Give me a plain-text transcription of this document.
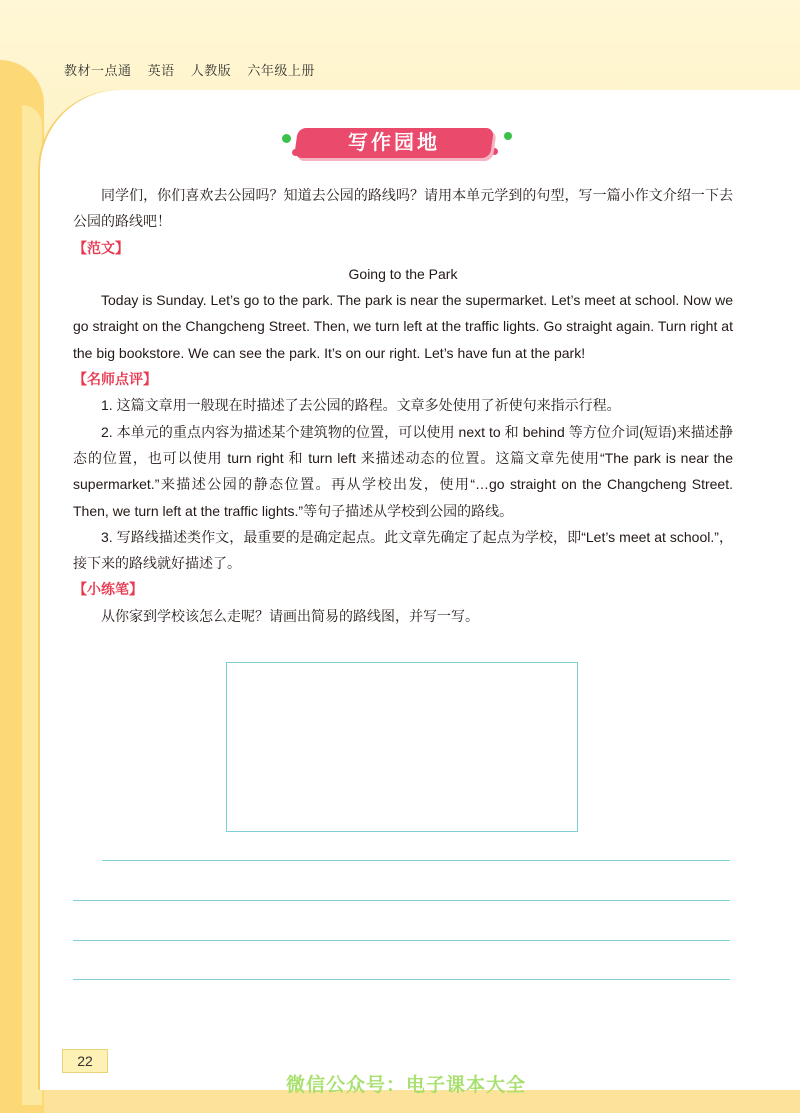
教材一点通 英语 人教版 六年级上册
写作园地

同学们，你们喜欢去公园吗？知道去公园的路线吗？请用本单元学到的句型，写一篇小作文介绍一下去公园的路线吧！

【范文】

Going to the Park

Today is Sunday. Let’s go to the park. The park is near the supermarket. Let’s meet at school. Now we go straight on the Changcheng Street. Then, we turn left at the traffic lights. Go straight again. Turn right at the big bookstore. We can see the park. It’s on our right. Let’s have fun at the park!

【名师点评】

1. 这篇文章用一般现在时描述了去公园的路程。文章多处使用了祈使句来指示行程。

2. 本单元的重点内容为描述某个建筑物的位置，可以使用 next to 和 behind 等方位介词(短语)来描述静态的位置，也可以使用 turn right 和 turn left 来描述动态的位置。这篇文章先使用“The park is near the supermarket.”来描述公园的静态位置。再从学校出发，使用“…go straight on the Changcheng Street. Then, we turn left at the traffic lights.”等句子描述从学校到公园的路线。

3. 写路线描述类作文，最重要的是确定起点。此文章先确定了起点为学校，即“Let’s meet at school.”，接下来的路线就好描述了。

【小练笔】

从你家到学校该怎么走呢？请画出简易的路线图，并写一写。

22
微信公众号：电子课本大全
